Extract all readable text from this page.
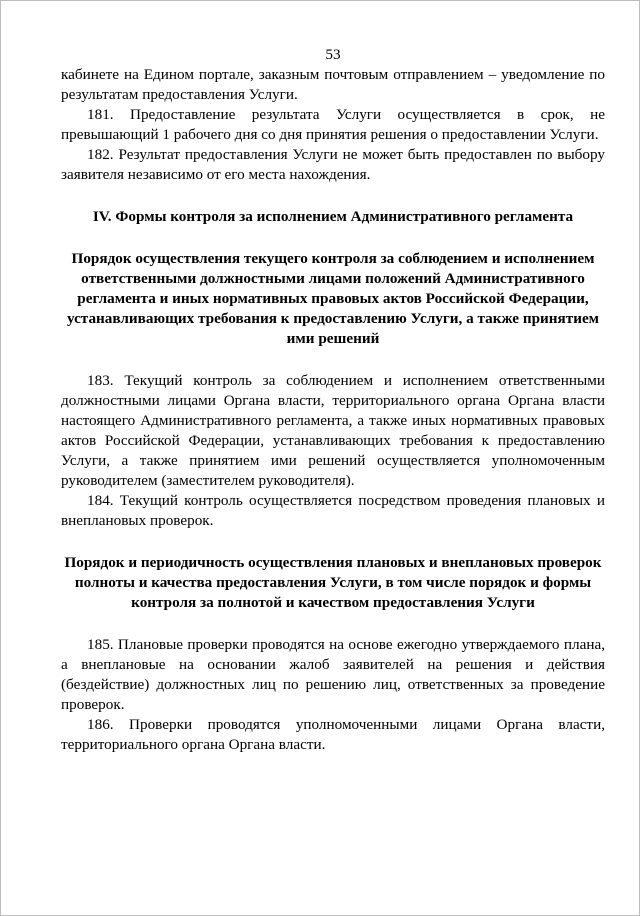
53

кабинете на Едином портале, заказным почтовым отправлением – уведомление по результатам предоставления Услуги.

181. Предоставление результата Услуги осуществляется в срок, не превышающий 1 рабочего дня со дня принятия решения о предоставлении Услуги.

182. Результат предоставления Услуги не может быть предоставлен по выбору заявителя независимо от его места нахождения.

IV. Формы контроля за исполнением Административного регламента
Порядок осуществления текущего контроля за соблюдением и исполнением ответственными должностными лицами положений Административного регламента и иных нормативных правовых актов Российской Федерации, устанавливающих требования к предоставлению Услуги, а также принятием ими решений

183. Текущий контроль за соблюдением и исполнением ответственными должностными лицами Органа власти, территориального органа Органа власти настоящего Административного регламента, а также иных нормативных правовых актов Российской Федерации, устанавливающих требования к предоставлению Услуги, а также принятием ими решений осуществляется уполномоченным руководителем (заместителем руководителя).

184. Текущий контроль осуществляется посредством проведения плановых и внеплановых проверок.

Порядок и периодичность осуществления плановых и внеплановых проверок полноты и качества предоставления Услуги, в том числе порядок и формы контроля за полнотой и качеством предоставления Услуги

185. Плановые проверки проводятся на основе ежегодно утверждаемого плана, а внеплановые на основании жалоб заявителей на решения и действия (бездействие) должностных лиц по решению лиц, ответственных за проведение проверок.

186. Проверки проводятся уполномоченными лицами Органа власти, территориального органа Органа власти.
